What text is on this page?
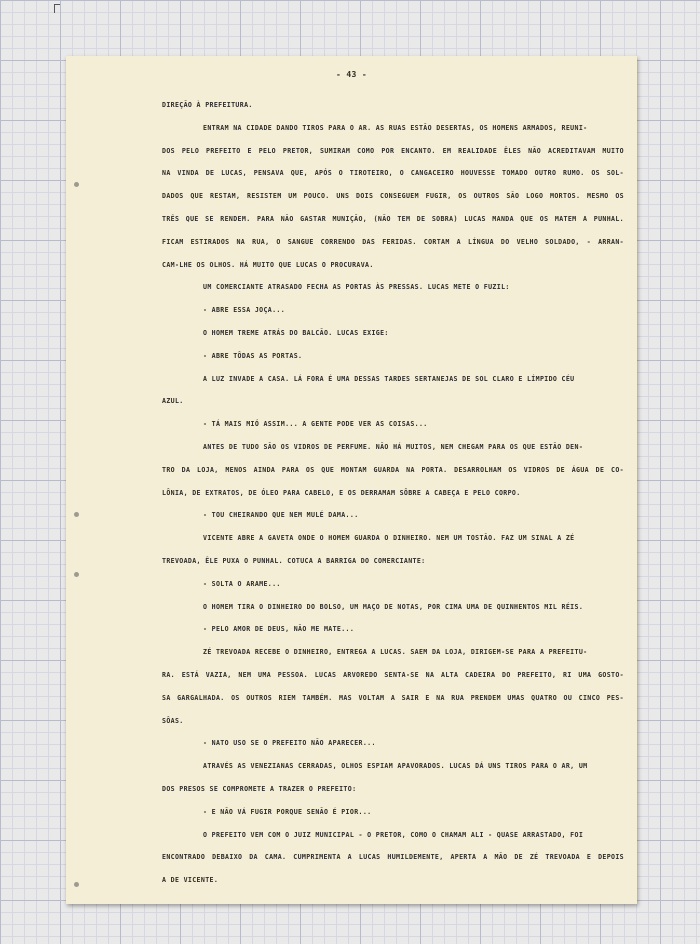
- 43 -
DIREÇÃO À PREFEITURA.
ENTRAM NA CIDADE DANDO TIROS PARA O AR. AS RUAS ESTÃO DESERTAS, OS HOMENS ARMADOS, REUNI-
DOS PELO PREFEITO E PELO PRETOR, SUMIRAM COMO POR ENCANTO. EM REALIDADE ÊLES NÃO ACREDITAVAM MUITO
NA VINDA DE LUCAS, PENSAVA QUE, APÓS O TIROTEIRO, O CANGACEIRO HOUVESSE TOMADO OUTRO RUMO. OS SOL-
DADOS QUE RESTAM, RESISTEM UM POUCO. UNS DOIS CONSEGUEM FUGIR, OS OUTROS SÃO LOGO MORTOS. MESMO OS
TRÊS QUE SE RENDEM. PARA NÃO GASTAR MUNIÇÃO, (NÃO TEM DE SOBRA) LUCAS MANDA QUE OS MATEM A PUNHAL.
FICAM ESTIRADOS NA RUA, O SANGUE CORRENDO DAS FERIDAS. CORTAM A LÍNGUA DO VELHO SOLDADO, - ARRAN-
CAM-LHE OS OLHOS. HÁ MUITO QUE LUCAS O PROCURAVA.
UM COMERCIANTE ATRASADO FECHA AS PORTAS ÀS PRESSAS. LUCAS METE O FUZIL:
- ABRE ESSA JOÇA...
O HOMEM TREME ATRÁS DO BALCÃO. LUCAS EXIGE:
- ABRE TÔDAS AS PORTAS.
A LUZ INVADE A CASA. LÁ FORA É UMA DESSAS TARDES SERTANEJAS DE SOL CLARO E LÍMPIDO CÉU
AZUL.
- TÁ MAIS MIÓ ASSIM... A GENTE PODE VER AS COISAS...
ANTES DE TUDO SÃO OS VIDROS DE PERFUME. NÃO HÁ MUITOS, NEM CHEGAM PARA OS QUE ESTÃO DEN-
TRO DA LOJA, MENOS AINDA PARA OS QUE MONTAM GUARDA NA PORTA. DESARROLHAM OS VIDROS DE ÁGUA DE CO-
LÔNIA, DE EXTRATOS, DE ÓLEO PARA CABELO, E OS DERRAMAM SÔBRE A CABEÇA E PELO CORPO.
- TOU CHEIRANDO QUE NEM MULÉ DAMA...
VICENTE ABRE A GAVETA ONDE O HOMEM GUARDA O DINHEIRO. NEM UM TOSTÃO. FAZ UM SINAL A ZÉ
TREVOADA, ÊLE PUXA O PUNHAL. COTUCA A BARRIGA DO COMERCIANTE:
- SOLTA O ARAME...
O HOMEM TIRA O DINHEIRO DO BOLSO, UM MAÇO DE NOTAS, POR CIMA UMA DE QUINHENTOS MIL RÉIS.
- PELO AMOR DE DEUS, NÃO ME MATE...
ZÉ TREVOADA RECEBE O DINHEIRO, ENTREGA A LUCAS. SAEM DA LOJA, DIRIGEM-SE PARA A PREFEITU-
RA. ESTÁ VAZIA, NEM UMA PESSOA. LUCAS ARVOREDO SENTA-SE NA ALTA CADEIRA DO PREFEITO, RI UMA GOSTO-
SA GARGALHADA. OS OUTROS RIEM TAMBÉM. MAS VOLTAM A SAIR E NA RUA PRENDEM UMAS QUATRO OU CINCO PES-
SÔAS.
- NATO USO SE O PREFEITO NÃO APARECER...
ATRAVÉS AS VENEZIANAS CERRADAS, OLHOS ESPIAM APAVORADOS. LUCAS DÁ UNS TIROS PARA O AR, UM
DOS PRESOS SE COMPROMETE A TRAZER O PREFEITO:
- E NÃO VÁ FUGIR PORQUE SENÃO É PIOR...
O PREFEITO VEM COM O JUIZ MUNICIPAL - O PRETOR, COMO O CHAMAM ALI - QUASE ARRASTADO, FOI
ENCONTRADO DEBAIXO DA CAMA. CUMPRIMENTA A LUCAS HUMILDEMENTE, APERTA A MÃO DE ZÉ TREVOADA E DEPOIS
A DE VICENTE.
